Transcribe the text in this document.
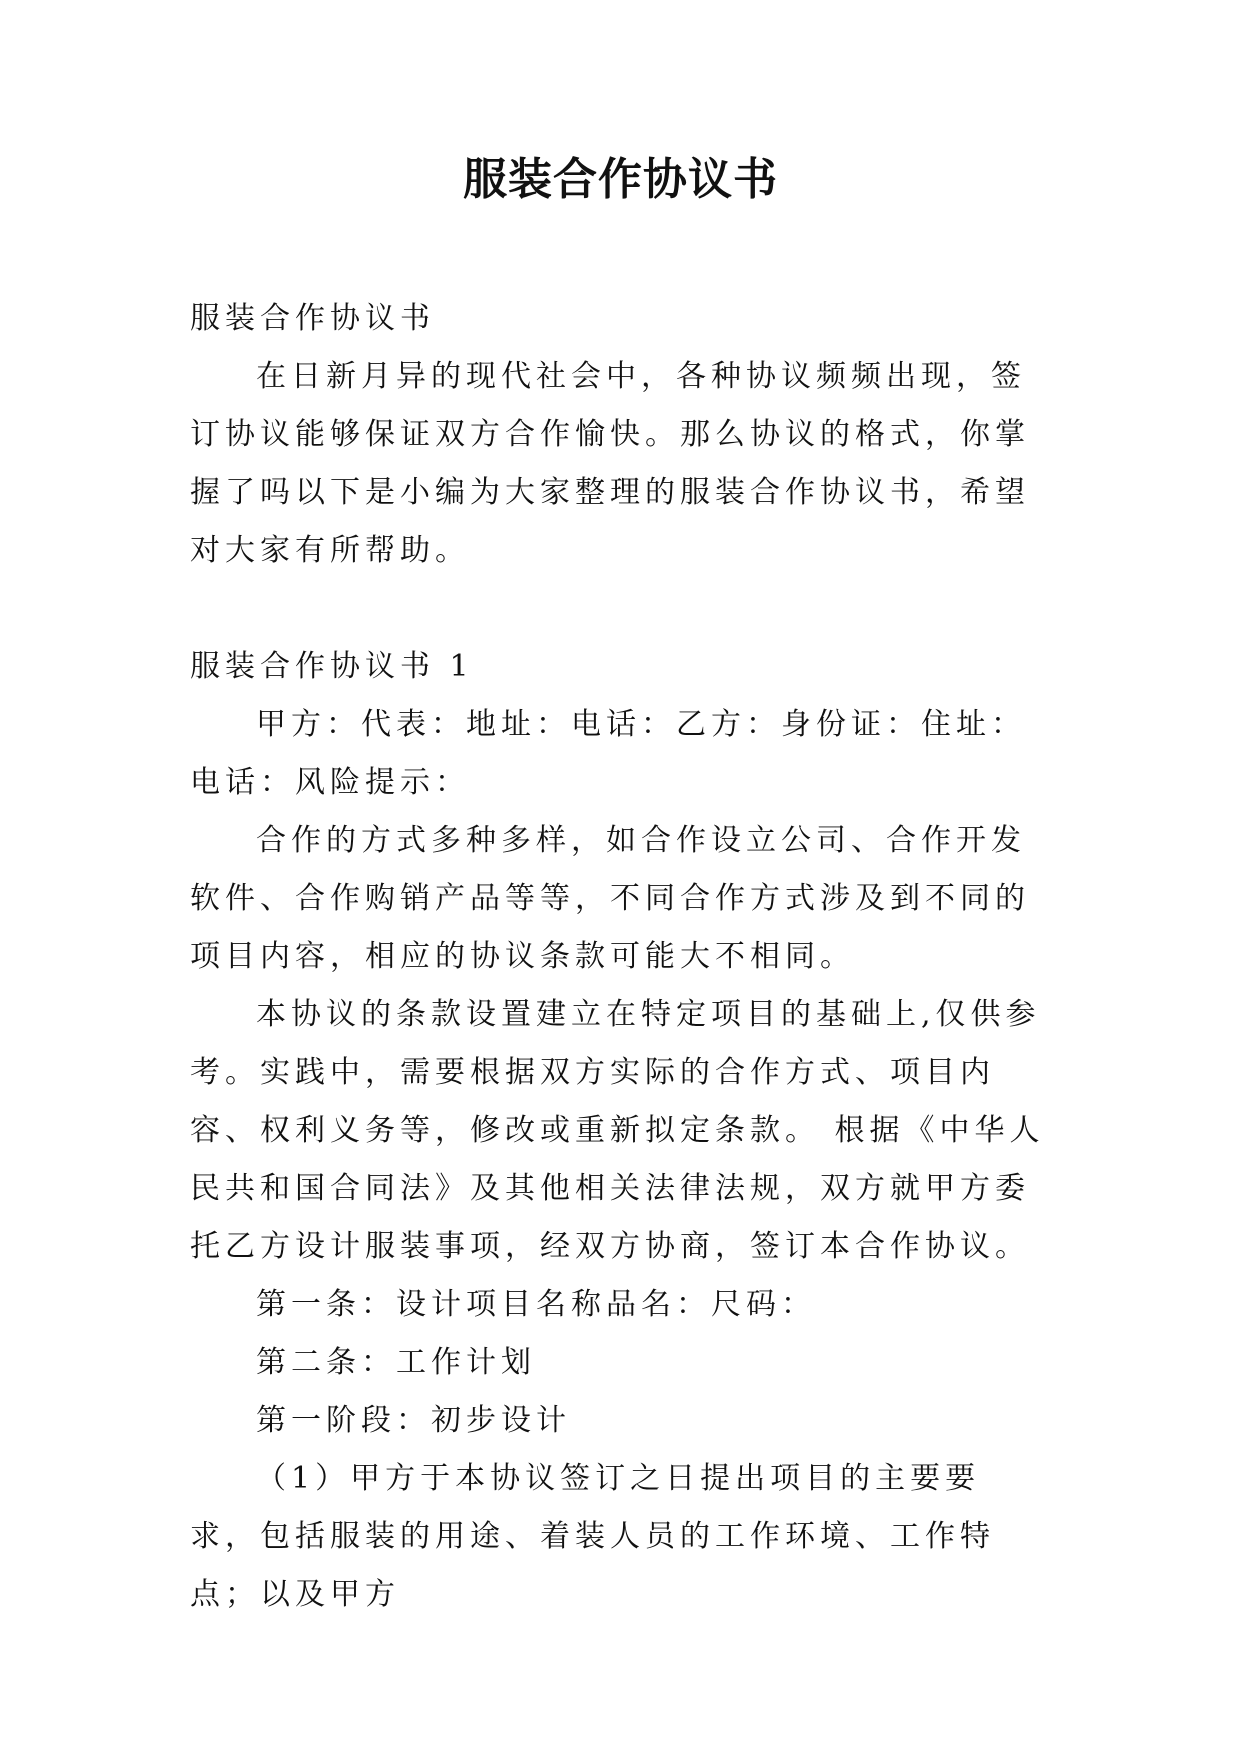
服装合作协议书

服装合作协议书

在日新月异的现代社会中，各种协议频频出现，签订协议能够保证双方合作愉快。那么协议的格式，你掌握了吗以下是小编为大家整理的服装合作协议书，希望对大家有所帮助。

服装合作协议书 1

甲方：代表：地址：电话：乙方：身份证：住址：电话：风险提示：

合作的方式多种多样，如合作设立公司、合作开发软件、合作购销产品等等，不同合作方式涉及到不同的项目内容，相应的协议条款可能大不相同。

本协议的条款设置建立在特定项目的基础上,仅供参考。实践中，需要根据双方实际的合作方式、项目内容、权利义务等，修改或重新拟定条款。 根据《中华人民共和国合同法》及其他相关法律法规，双方就甲方委托乙方设计服装事项，经双方协商，签订本合作协议。

第一条：设计项目名称品名：尺码：

第二条：工作计划

第一阶段：初步设计

（1）甲方于本协议签订之日提出项目的主要要求，包括服装的用途、着装人员的工作环境、工作特点；以及甲方
